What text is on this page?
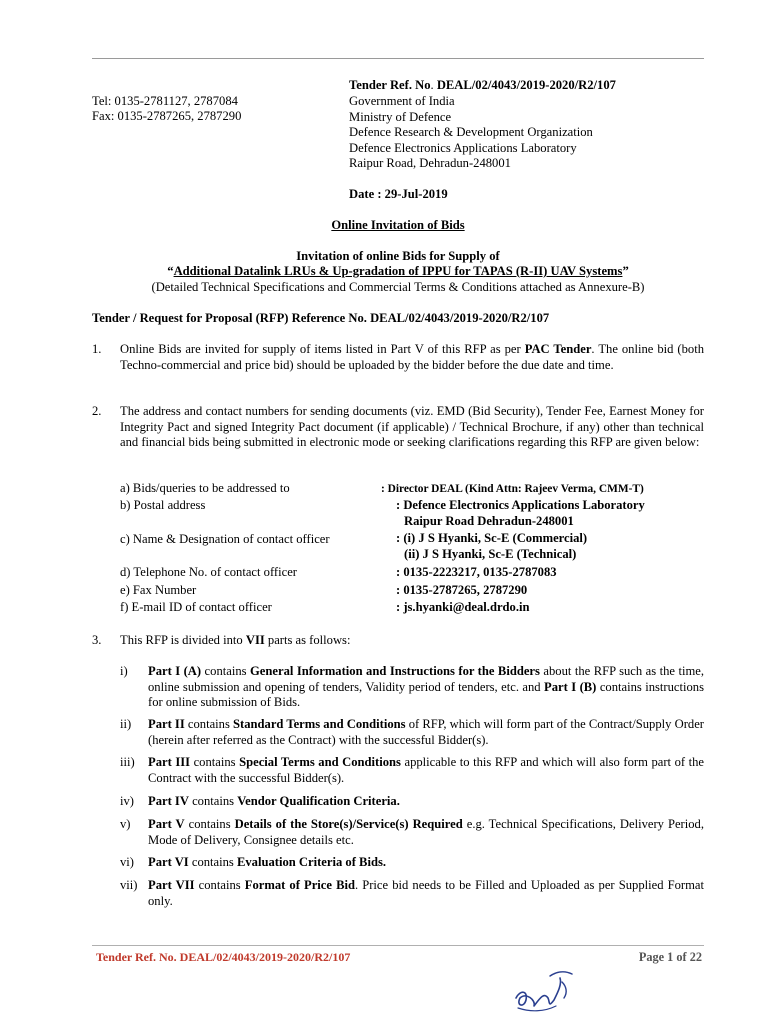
Tender Ref. No. DEAL/02/4043/2019-2020/R2/107
Tel: 0135-2781127, 2787084
Fax: 0135-2787265, 2787290
Government of India
Ministry of Defence
Defence Research & Development Organization
Defence Electronics Applications Laboratory
Raipur Road, Dehradun-248001
Date : 29-Jul-2019
Online Invitation of Bids
Invitation of online Bids for Supply of
“Additional Datalink LRUs & Up-gradation of IPPU for TAPAS (R-II) UAV Systems”
(Detailed Technical Specifications and Commercial Terms & Conditions attached as Annexure-B)
Tender / Request for Proposal (RFP) Reference No. DEAL/02/4043/2019-2020/R2/107
1. Online Bids are invited for supply of items listed in Part V of this RFP as per PAC Tender. The online bid (both Techno-commercial and price bid) should be uploaded by the bidder before the due date and time.
2. The address and contact numbers for sending documents (viz. EMD (Bid Security), Tender Fee, Earnest Money for Integrity Pact and signed Integrity Pact document (if applicable) / Technical Brochure, if any) other than technical and financial bids being submitted in electronic mode or seeking clarifications regarding this RFP are given below:
a) Bids/queries to be addressed to	: Director DEAL (Kind Attn: Rajeev Verma, CMM-T)
b) Postal address	: Defence Electronics Applications Laboratory
Raipur Road Dehradun-248001
c) Name & Designation of contact officer	: (i) J S Hyanki, Sc-E (Commercial)
(ii) J S Hyanki, Sc-E (Technical)
d) Telephone No. of contact officer	: 0135-2223217, 0135-2787083
e) Fax Number	: 0135-2787265, 2787290
f) E-mail ID of contact officer	: js.hyanki@deal.drdo.in
3. This RFP is divided into VII parts as follows:
i) Part I (A) contains General Information and Instructions for the Bidders about the RFP such as the time, online submission and opening of tenders, Validity period of tenders, etc. and Part I (B) contains instructions for online submission of Bids.
ii) Part II contains Standard Terms and Conditions of RFP, which will form part of the Contract/Supply Order (herein after referred as the Contract) with the successful Bidder(s).
iii) Part III contains Special Terms and Conditions applicable to this RFP and which will also form part of the Contract with the successful Bidder(s).
iv) Part IV contains Vendor Qualification Criteria.
v) Part V contains Details of the Store(s)/Service(s) Required e.g. Technical Specifications, Delivery Period, Mode of Delivery, Consignee details etc.
vi) Part VI contains Evaluation Criteria of Bids.
vii) Part VII contains Format of Price Bid. Price bid needs to be Filled and Uploaded as per Supplied Format only.
Tender Ref. No. DEAL/02/4043/2019-2020/R2/107	Page 1 of 22
